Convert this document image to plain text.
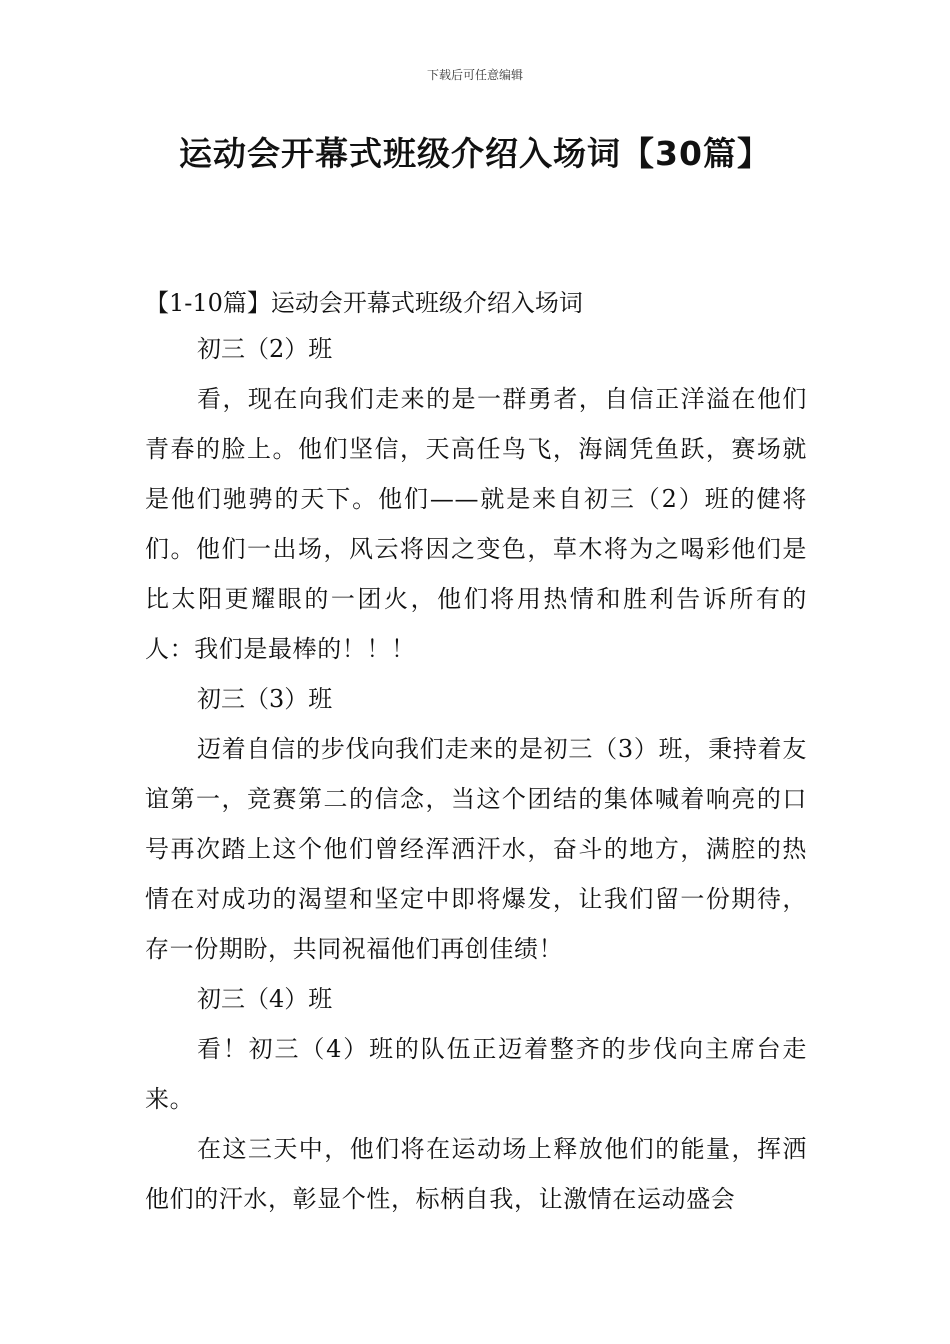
下载后可任意编辑
运动会开幕式班级介绍入场词【30篇】

【1-10篇】运动会开幕式班级介绍入场词

初三（2）班

看，现在向我们走来的是一群勇者，自信正洋溢在他们青春的脸上。他们坚信，天高任鸟飞，海阔凭鱼跃，赛场就是他们驰骋的天下。他们——就是来自初三（2）班的健将们。他们一出场，风云将因之变色，草木将为之喝彩他们是比太阳更耀眼的一团火，他们将用热情和胜利告诉所有的人：我们是最棒的！！！

初三（3）班

迈着自信的步伐向我们走来的是初三（3）班，秉持着友谊第一，竞赛第二的信念，当这个团结的集体喊着响亮的口号再次踏上这个他们曾经浑洒汗水，奋斗的地方，满腔的热情在对成功的渴望和坚定中即将爆发，让我们留一份期待，存一份期盼，共同祝福他们再创佳绩！

初三（4）班

看！初三（4）班的队伍正迈着整齐的步伐向主席台走来。

在这三天中，他们将在运动场上释放他们的能量，挥洒他们的汗水，彰显个性，标柄自我，让激情在运动盛会
